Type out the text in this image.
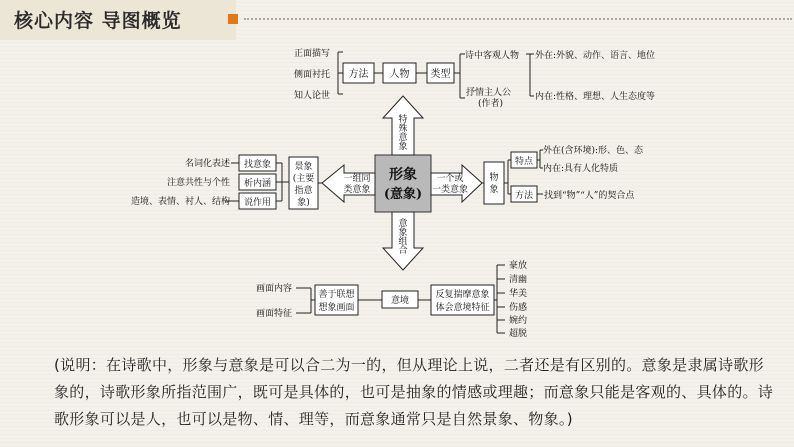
核心内容 导图概览
形象
(意象)
特
殊
意
象
意
象
组
合
一组同
类意象
一个或
一类意象
正面描写
侧面衬托
知人论世
方法 人物 类型
诗中客观人物
抒情主人公
(作者)
外在:外貌、动作、语言、地位
内在:性格、理想、人生态度等
名词化表述
注意共性与个性
造境、表情、衬人、结构
找意象
析内涵
说作用
景象
(主要
指意
象)
物
象
特点
方法
外在(含环境):形、色、态
内在:具有人化特质
找到“物”“人”的契合点
画面内容
画面特征
善于联想
想象画面
意境
反复揣摩意象
体会意境特征
豪放
清幽
华美
伤感
婉约
超脱
(说明：在诗歌中，形象与意象是可以合二为一的，但从理论上说，二者还是有区别的。意象是隶属诗歌形象的，诗歌形象所指范围广，既可是具体的，也可是抽象的情感或理趣；而意象只能是客观的、具体的。诗歌形象可以是人，也可以是物、情、理等，而意象通常只是自然景象、物象。)
